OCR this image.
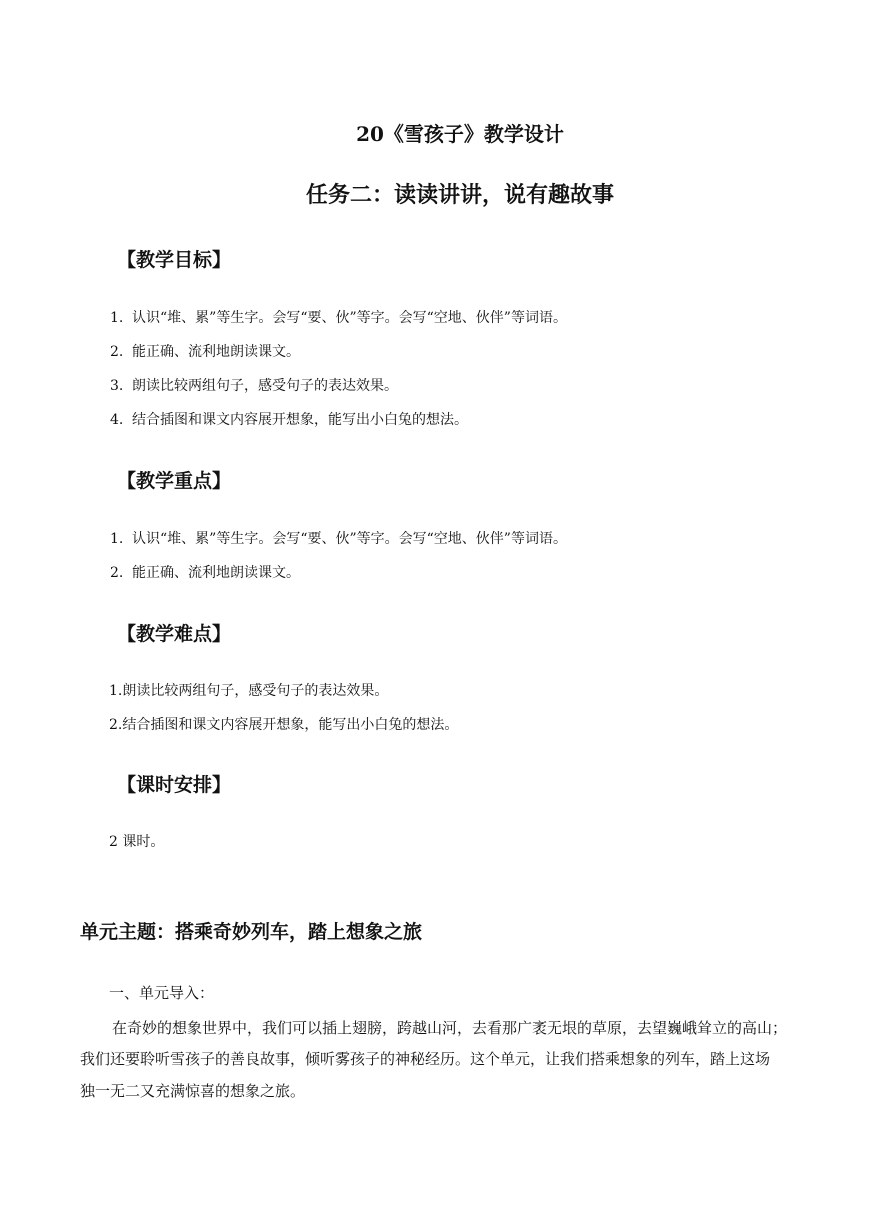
20《雪孩子》教学设计
任务二：读读讲讲，说有趣故事
【教学目标】
1. 认识“堆、累”等生字。会写“要、伙”等字。会写“空地、伙伴”等词语。
2. 能正确、流利地朗读课文。
3. 朗读比较两组句子，感受句子的表达效果。
4. 结合插图和课文内容展开想象，能写出小白兔的想法。
【教学重点】
1. 认识“堆、累”等生字。会写“要、伙”等字。会写“空地、伙伴”等词语。
2. 能正确、流利地朗读课文。
【教学难点】
1.朗读比较两组句子，感受句子的表达效果。
2.结合插图和课文内容展开想象，能写出小白兔的想法。
【课时安排】
2 课时。
单元主题：搭乘奇妙列车，踏上想象之旅
一、单元导入：
在奇妙的想象世界中，我们可以插上翅膀，跨越山河，去看那广袤无垠的草原，去望巍峨耸立的高山；
我们还要聆听雪孩子的善良故事，倾听雾孩子的神秘经历。这个单元，让我们搭乘想象的列车，踏上这场
独一无二又充满惊喜的想象之旅。
